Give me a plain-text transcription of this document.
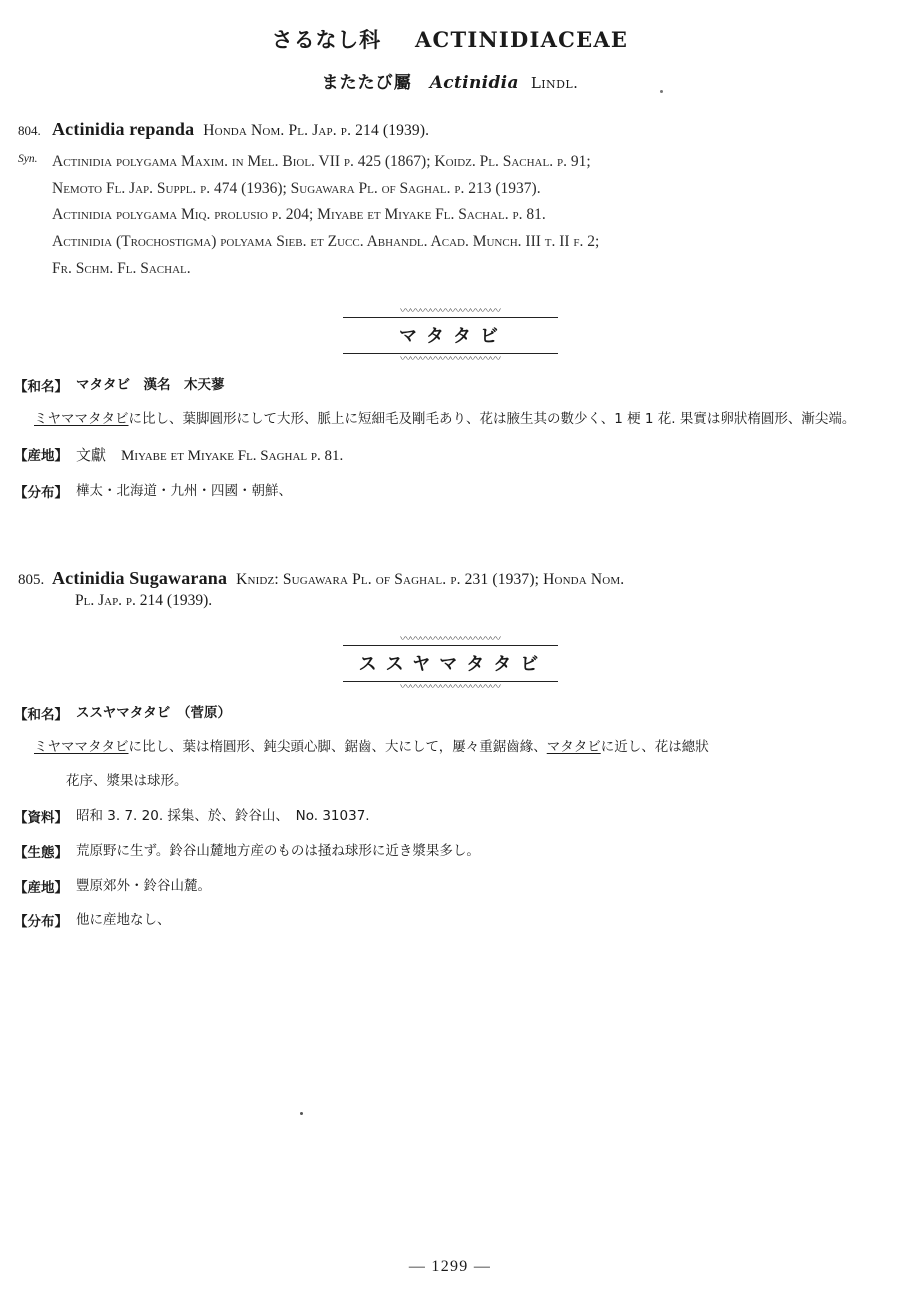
さるなし科 ACTINIDIACEAE
またたび屬 Actinidia Lindl.
804. Actinidia repanda Honda Nom. Pl. Jap. p. 214 (1939).
Syn. Actinidia polygama Maxim. in Mel. Biol. VII p. 425 (1867); Koidz. Pl. Sachal. p. 91;
Nemoto Fl. Jap. Suppl. p. 474 (1936); Sugawara Pl. of Saghal. p. 213 (1937).
Actinidia polygama Miq. prolusio p. 204; Miyabe et Miyake Fl. Sachal. p. 81.
Actinidia (Trochostigma) polyama Sieb. et Zucc. Abhandl. Acad. Munch. III t. II f. 2;
Fr. Schm. Fl. Sachal.
〰〰〰〰〰〰〰〰〰〰
マタタビ
〰〰〰〰〰〰〰〰〰〰
【和名】 マタタビ　漢名　木天蓼
ミヤママタタビに比し、葉脚圓形にして大形、脈上に短細毛及剛毛あり、花は腋生其の數少く、1 梗 1 花. 果實は卵狀楕圓形、漸尖端。
【産地】 文獻　Miyabe et Miyake Fl. Saghal p. 81.
【分布】 樺太・北海道・九州・四國・朝鮮、
805. Actinidia Sugawarana Knidz: Sugawara Pl. of Saghal. p. 231 (1937); Honda Nom.
Pl. Jap. p. 214 (1939).
〰〰〰〰〰〰〰〰〰〰
ススヤマタタビ
〰〰〰〰〰〰〰〰〰〰
【和名】 ススヤマタタビ　（菅原）
ミヤママタタビに比し、葉は楕圓形、鈍尖頭心脚、鋸齒、大にして，屢々重鋸齒緣、マタタビに近し、花は總狀
花序、漿果は球形。
【資料】 昭和 3. 7. 20. 採集、於、鈴谷山、　No. 31037.
【生態】 荒原野に生ず。鈴谷山麓地方産のものは掻ね球形に近き漿果多し。
【産地】 豐原郊外・鈴谷山麓。
【分布】 他に産地なし、
— 1299 —
